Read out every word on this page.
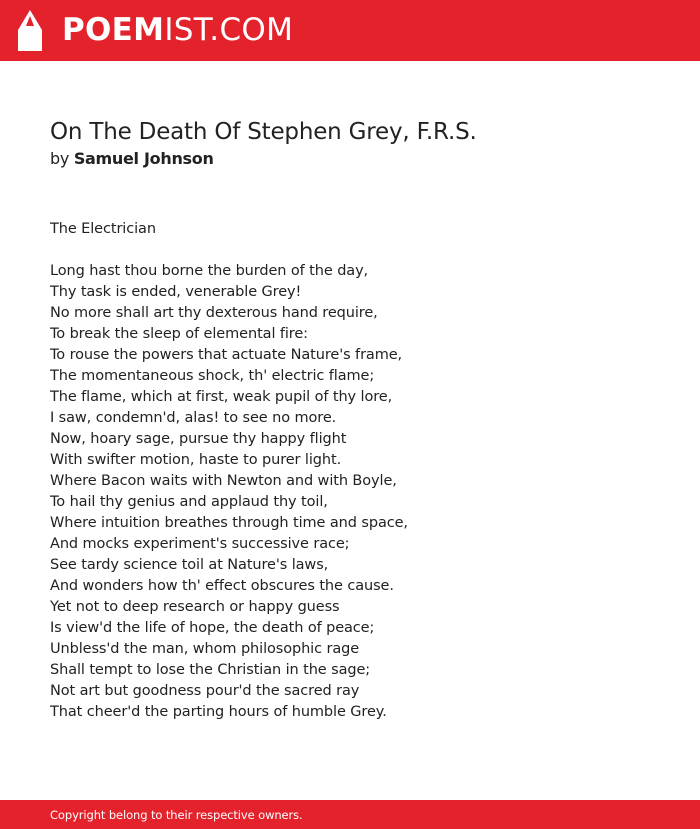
POEMIST.COM
On The Death Of Stephen Grey, F.R.S.
by Samuel Johnson
The Electrician
Long hast thou borne the burden of the day,
Thy task is ended, venerable Grey!
No more shall art thy dexterous hand require,
To break the sleep of elemental fire:
To rouse the powers that actuate Nature's frame,
The momentaneous shock, th' electric flame;
The flame, which at first, weak pupil of thy lore,
I saw, condemn'd, alas! to see no more.
Now, hoary sage, pursue thy happy flight
With swifter motion, haste to purer light.
Where Bacon waits with Newton and with Boyle,
To hail thy genius and applaud thy toil,
Where intuition breathes through time and space,
And mocks experiment's successive race;
See tardy science toil at Nature's laws,
And wonders how th' effect obscures the cause.
Yet not to deep research or happy guess
Is view'd the life of hope, the death of peace;
Unbless'd the man, whom philosophic rage
Shall tempt to lose the Christian in the sage;
Not art but goodness pour'd the sacred ray
That cheer'd the parting hours of humble Grey.
Copyright belong to their respective owners.
